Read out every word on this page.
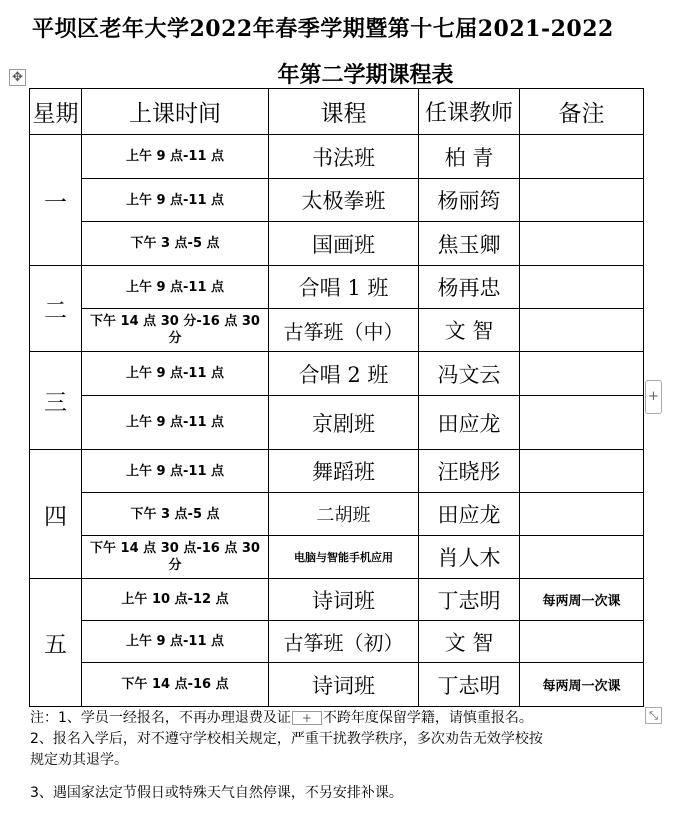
平坝区老年大学2022年春季学期暨第十七届2021-2022
年第二学期课程表
✥
星期	上课时间	课程	任课教师	备注
一	上午 9 点-11 点	书法班	柏 青	
	上午 9 点-11 点	太极拳班	杨丽筠	
	下午 3 点-5 点	国画班	焦玉卿	
二	上午 9 点-11 点	合唱 1 班	杨再忠	
	下午 14 点 30 分-16 点 30 分	古筝班（中）	文 智	
三	上午 9 点-11 点	合唱 2 班	冯文云	
	上午 9 点-11 点	京剧班	田应龙	
四	上午 9 点-11 点	舞蹈班	汪晓彤	
	下午 3 点-5 点	二胡班	田应龙	
	下午 14 点 30 点-16 点 30 分	电脑与智能手机应用	肖人木	
五	上午 10 点-12 点	诗词班	丁志明	每两周一次课
	上午 9 点-11 点	古筝班（初）	文 智	
	下午 14 点-16 点	诗词班	丁志明	每两周一次课
+
⤡

注：1、学员一经报名，不再办理退费及证 + 不跨年度保留学籍，请慎重报名。

2、报名入学后，对不遵守学校相关规定，严重干扰教学秩序，多次劝告无效学校按

规定劝其退学。

3、遇国家法定节假日或特殊天气自然停课，不另安排补课。
